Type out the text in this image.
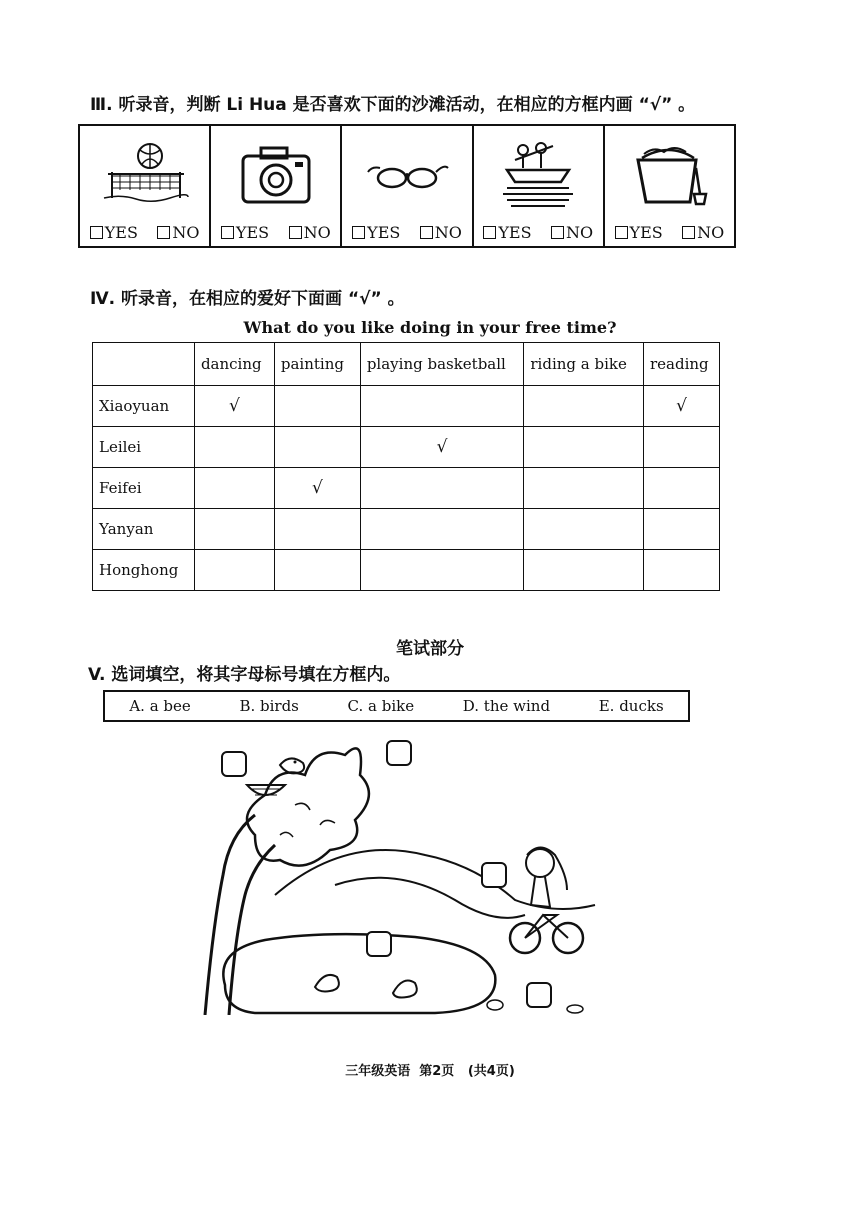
Ⅲ. 听录音，判断 Li Hua 是否喜欢下面的沙滩活动，在相应的方框内画 “√” 。
YES NO YES NO YES NO YES NO YES NO
Ⅳ. 听录音，在相应的爱好下面画 “√” 。
What do you like doing in your free time?
	dancing	painting	playing basketball	riding a bike	reading
Xiaoyuan	√				√
Leilei			√		
Feifei		√			
Yanyan					
Honghong					
笔试部分
V. 选词填空，将其字母标号填在方框内。
A. a bee	B. birds	C. a bike	D. the wind	E. ducks
三年级英语  第2页   (共4页)
